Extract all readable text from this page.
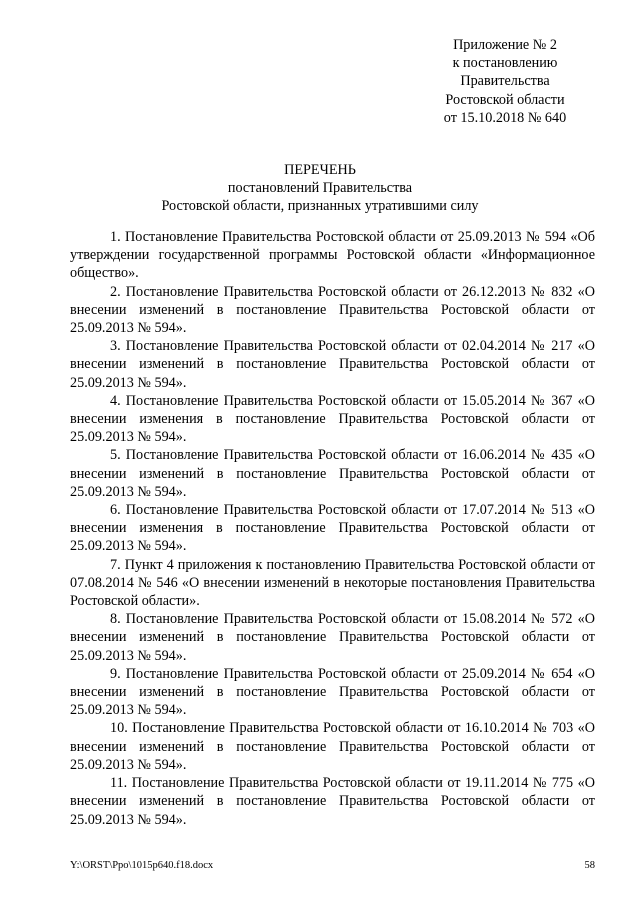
Приложение № 2
к постановлению
Правительства
Ростовской области
от 15.10.2018 № 640
ПЕРЕЧЕНЬ
постановлений Правительства
Ростовской области, признанных утратившими силу

1. Постановление Правительства Ростовской области от 25.09.2013 № 594 «Об утверждении государственной программы Ростовской области «Информационное общество».

2. Постановление Правительства Ростовской области от 26.12.2013 № 832 «О внесении изменений в постановление Правительства Ростовской области от 25.09.2013 № 594».

3. Постановление Правительства Ростовской области от 02.04.2014 № 217 «О внесении изменений в постановление Правительства Ростовской области от 25.09.2013 № 594».

4. Постановление Правительства Ростовской области от 15.05.2014 № 367 «О внесении изменения в постановление Правительства Ростовской области от 25.09.2013 № 594».

5. Постановление Правительства Ростовской области от 16.06.2014 № 435 «О внесении изменений в постановление Правительства Ростовской области от 25.09.2013 № 594».

6. Постановление Правительства Ростовской области от 17.07.2014 № 513 «О внесении изменения в постановление Правительства Ростовской области от 25.09.2013 № 594».

7. Пункт 4 приложения к постановлению Правительства Ростовской области от 07.08.2014 № 546 «О внесении изменений в некоторые постановления Правительства Ростовской области».

8. Постановление Правительства Ростовской области от 15.08.2014 № 572 «О внесении изменений в постановление Правительства Ростовской области от 25.09.2013 № 594».

9. Постановление Правительства Ростовской области от 25.09.2014 № 654 «О внесении изменений в постановление Правительства Ростовской области от 25.09.2013 № 594».

10. Постановление Правительства Ростовской области от 16.10.2014 № 703 «О внесении изменений в постановление Правительства Ростовской области от 25.09.2013 № 594».

11. Постановление Правительства Ростовской области от 19.11.2014 № 775 «О внесении изменений в постановление Правительства Ростовской области от 25.09.2013 № 594».

Y:\ORST\Ppo\1015p640.f18.docx	58
